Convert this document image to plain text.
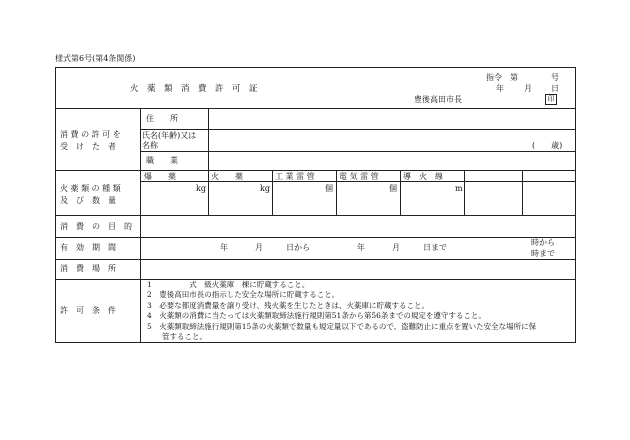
様式第6号(第4条関係)
火　薬　類　消　費　許　可　証
指令　第	号
年	月 日
豊後高田市長	印
消 費 の 許 可 を
受　け　た　者
住　　所
氏名(年齢)又は
名称	(　　歳)
職　　業
火 薬 類 の 種 類
及　び　数　量
爆　　薬	火　　薬	工 業 雷 管	電 気 雷 管	導　火　線
kg	kg	個	個	m
消　費　の　目　的
有　効　期　間	年	月	日から	年	月	日まで
時から
時まで
消　費　場　所
許　可　条　件
1　　　　　式　級火薬庫　棟に貯蔵すること。
2　豊後高田市長の指示した安全な場所に貯蔵すること。
3　必要な都度消費量を譲り受け、残火薬を生じたときは、火薬庫に貯蔵すること。
4　火薬類の消費に当たっては火薬類取締法施行規則第51条から第56条までの規定を遵守すること。
5　火薬類取締法施行規則第15条の火薬類で数量も規定量以下であるので、盗難防止に重点を置いた安全な場所に保
　　管すること。
